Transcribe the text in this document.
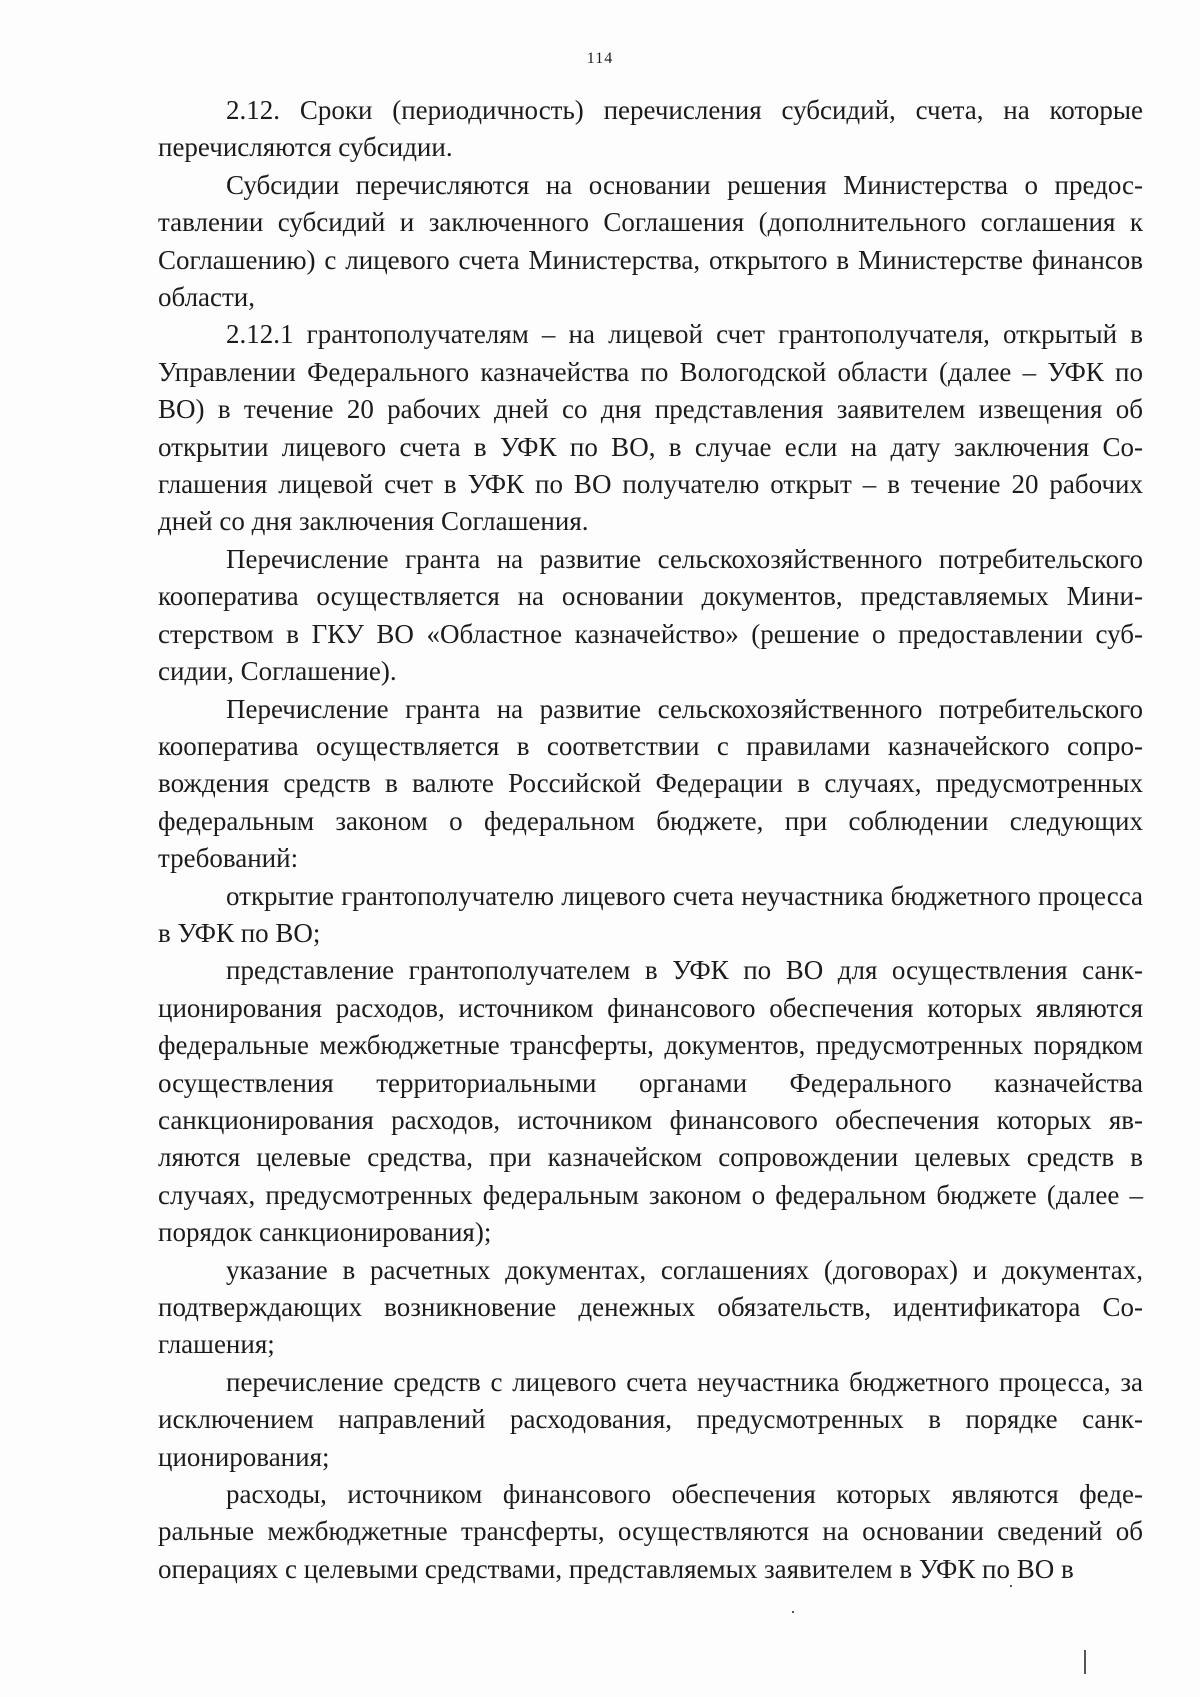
114

2.12. Сроки (периодичность) перечисления субсидий, счета, на которые перечисляются субсидии.

Субсидии перечисляются на основании решения Министерства о предоставлении субсидий и заключенного Соглашения (дополнительного соглашения к Соглашению) с лицевого счета Министерства, открытого в Министерстве финансов области,

2.12.1 грантополучателям – на лицевой счет грантополучателя, открытый в Управлении Федерального казначейства по Вологодской области (далее – УФК по ВО) в течение 20 рабочих дней со дня представления заявителем извещения об открытии лицевого счета в УФК по ВО, в случае если на дату заключения Соглашения лицевой счет в УФК по ВО получателю открыт – в течение 20 рабочих дней со дня заключения Соглашения.

Перечисление гранта на развитие сельскохозяйственного потребительского кооператива осуществляется на основании документов, представляемых Министерством в ГКУ ВО «Областное казначейство» (решение о предоставлении субсидии, Соглашение).

Перечисление гранта на развитие сельскохозяйственного потребительского кооператива осуществляется в соответствии с правилами казначейского сопровождения средств в валюте Российской Федерации в случаях, предусмотренных федеральным законом о федеральном бюджете, при соблюдении следующих требований:

открытие грантополучателю лицевого счета неучастника бюджетного процесса в УФК по ВО;

представление грантополучателем в УФК по ВО для осуществления санкционирования расходов, источником финансового обеспечения которых являются федеральные межбюджетные трансферты, документов, предусмотренных порядком осуществления территориальными органами Федерального казначейства санкционирования расходов, источником финансового обеспечения которых являются целевые средства, при казначейском сопровождении целевых средств в случаях, предусмотренных федеральным законом о федеральном бюджете (далее – порядок санкционирования);

указание в расчетных документах, соглашениях (договорах) и документах, подтверждающих возникновение денежных обязательств, идентификатора Соглашения;

перечисление средств с лицевого счета неучастника бюджетного процесса, за исключением направлений расходования, предусмотренных в порядке санкционирования;

расходы, источником финансового обеспечения которых являются федеральные межбюджетные трансферты, осуществляются на основании сведений об операциях с целевыми средствами, представляемых заявителем в УФК по ВО в
